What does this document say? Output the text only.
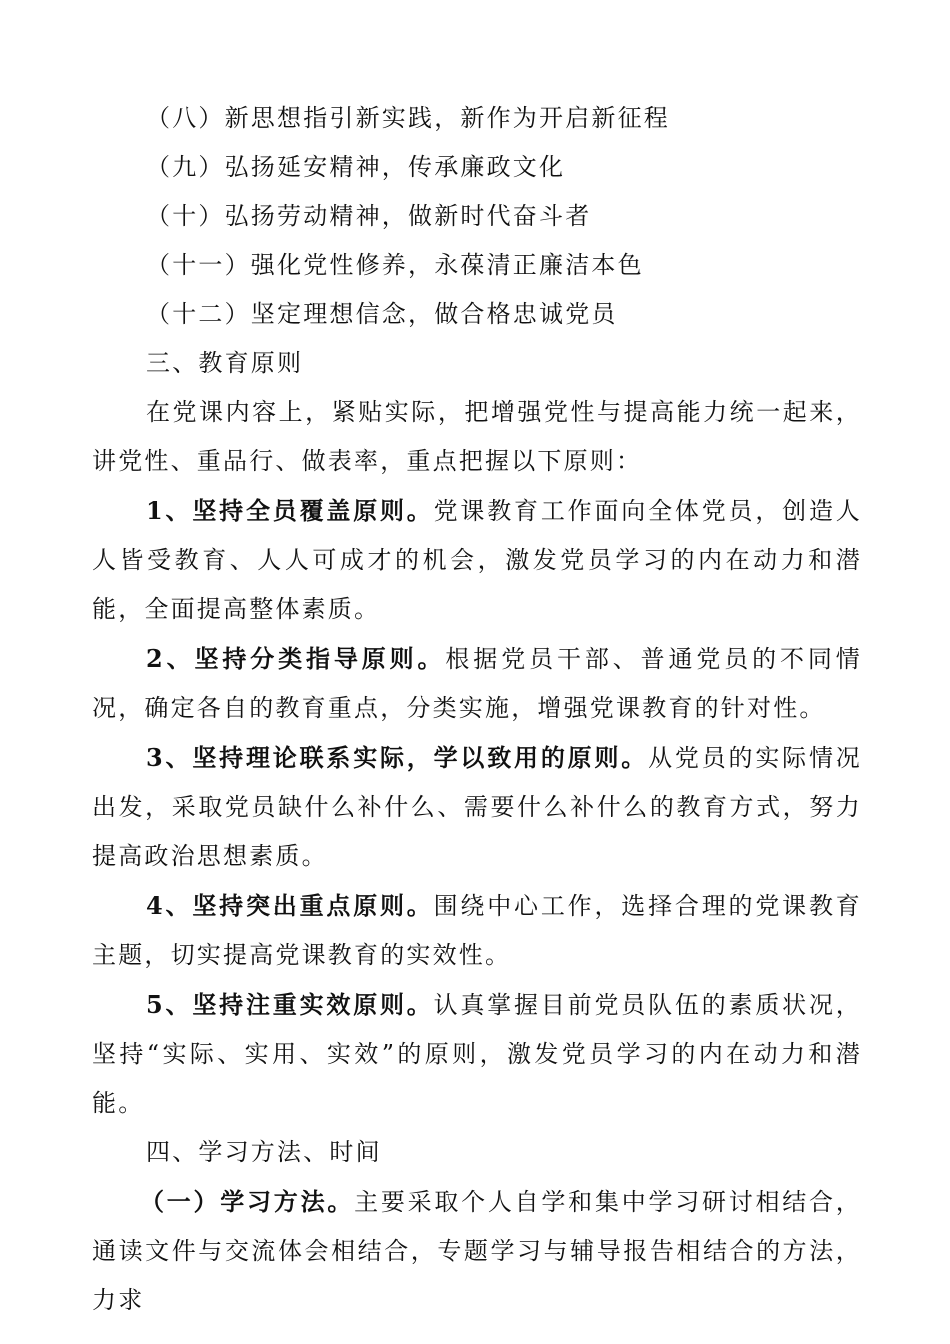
（八）新思想指引新实践，新作为开启新征程

（九）弘扬延安精神，传承廉政文化

（十）弘扬劳动精神，做新时代奋斗者

（十一）强化党性修养，永葆清正廉洁本色

（十二）坚定理想信念，做合格忠诚党员

三、教育原则

在党课内容上，紧贴实际，把增强党性与提高能力统一起来，讲党性、重品行、做表率，重点把握以下原则：

1、坚持全员覆盖原则。党课教育工作面向全体党员，创造人人皆受教育、人人可成才的机会，激发党员学习的内在动力和潜能，全面提高整体素质。

2、坚持分类指导原则。根据党员干部、普通党员的不同情况，确定各自的教育重点，分类实施，增强党课教育的针对性。

3、坚持理论联系实际，学以致用的原则。从党员的实际情况出发，采取党员缺什么补什么、需要什么补什么的教育方式，努力提高政治思想素质。

4、坚持突出重点原则。围绕中心工作，选择合理的党课教育主题，切实提高党课教育的实效性。

5、坚持注重实效原则。认真掌握目前党员队伍的素质状况，坚持“实际、实用、实效”的原则，激发党员学习的内在动力和潜能。

四、学习方法、时间

（一）学习方法。主要采取个人自学和集中学习研讨相结合，通读文件与交流体会相结合，专题学习与辅导报告相结合的方法，力求
